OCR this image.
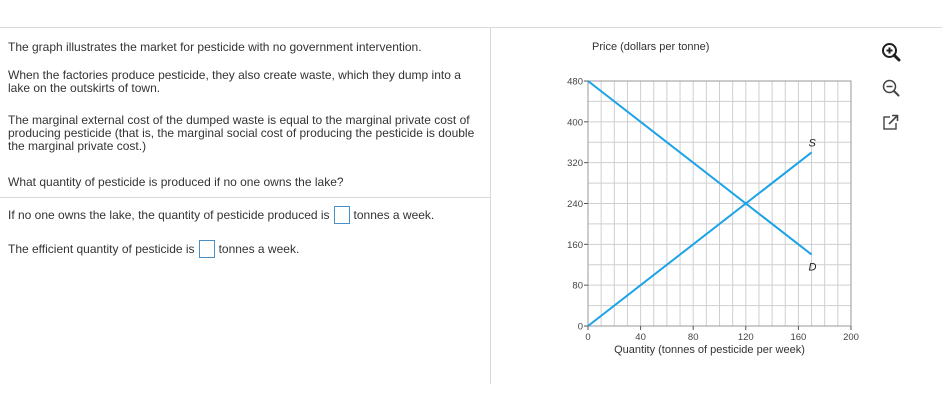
The graph illustrates the market for pesticide with no government intervention.

When the factories produce pesticide, they also create waste, which they dump into a lake on the outskirts of town.

The marginal external cost of the dumped waste is equal to the marginal private cost of producing pesticide (that is, the marginal social cost of producing the pesticide is double the marginal private cost.)

What quantity of pesticide is produced if no one owns the lake?

If no one owns the lake, the quantity of pesticide produced is tonnes a week.
The efficient quantity of pesticide is tonnes a week.
0
80
160
240
320
400
480
0	40	80	120	160	200
Price (dollars per tonne)
Quantity (tonnes of pesticide per week)
S
D
